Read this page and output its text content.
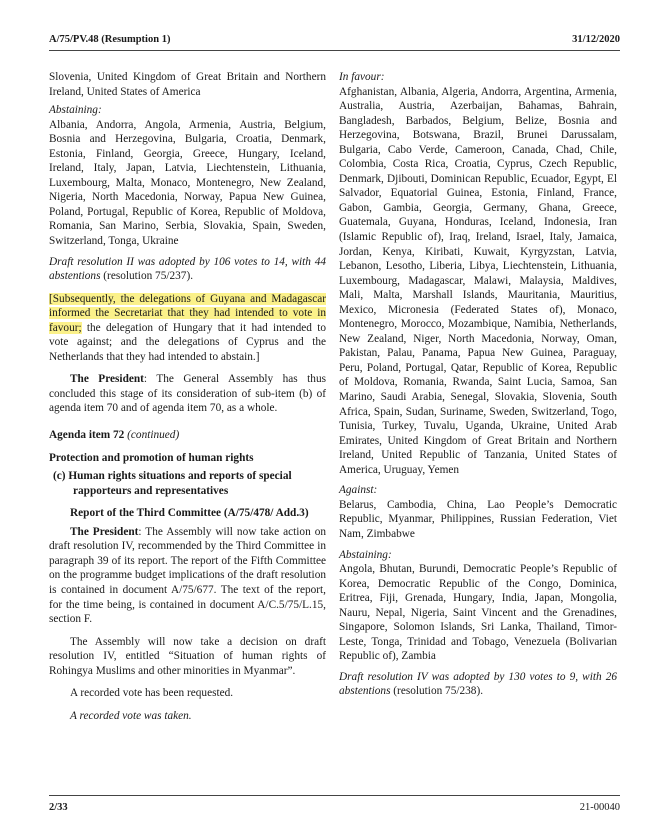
A/75/PV.48 (Resumption 1)	31/12/2020

Slovenia, United Kingdom of Great Britain and Northern Ireland, United States of America

Abstaining:

Albania, Andorra, Angola, Armenia, Austria, Belgium, Bosnia and Herzegovina, Bulgaria, Croatia, Denmark, Estonia, Finland, Georgia, Greece, Hungary, Iceland, Ireland, Italy, Japan, Latvia, Liechtenstein, Lithuania, Luxembourg, Malta, Monaco, Montenegro, New Zealand, Nigeria, North Macedonia, Norway, Papua New Guinea, Poland, Portugal, Republic of Korea, Republic of Moldova, Romania, San Marino, Serbia, Slovakia, Spain, Sweden, Switzerland, Tonga, Ukraine

Draft resolution II was adopted by 106 votes to 14, with 44 abstentions (resolution 75/237).

[Subsequently, the delegations of Guyana and Madagascar informed the Secretariat that they had intended to vote in favour; the delegation of Hungary that it had intended to vote against; and the delegations of Cyprus and the Netherlands that they had intended to abstain.]

The President: The General Assembly has thus concluded this stage of its consideration of sub-item (b) of agenda item 70 and of agenda item 70, as a whole.

Agenda item 72 (continued)

Protection and promotion of human rights

(c) Human rights situations and reports of special rapporteurs and representatives

Report of the Third Committee (A/75/478/ Add.3)

The President: The Assembly will now take action on draft resolution IV, recommended by the Third Committee in paragraph 39 of its report. The report of the Fifth Committee on the programme budget implications of the draft resolution is contained in document A/75/677. The text of the report, for the time being, is contained in document A/C.5/75/L.15, section F.

The Assembly will now take a decision on draft resolution IV, entitled “Situation of human rights of Rohingya Muslims and other minorities in Myanmar”.

A recorded vote has been requested.

A recorded vote was taken.

In favour:

Afghanistan, Albania, Algeria, Andorra, Argentina, Armenia, Australia, Austria, Azerbaijan, Bahamas, Bahrain, Bangladesh, Barbados, Belgium, Belize, Bosnia and Herzegovina, Botswana, Brazil, Brunei Darussalam, Bulgaria, Cabo Verde, Cameroon, Canada, Chad, Chile, Colombia, Costa Rica, Croatia, Cyprus, Czech Republic, Denmark, Djibouti, Dominican Republic, Ecuador, Egypt, El Salvador, Equatorial Guinea, Estonia, Finland, France, Gabon, Gambia, Georgia, Germany, Ghana, Greece, Guatemala, Guyana, Honduras, Iceland, Indonesia, Iran (Islamic Republic of), Iraq, Ireland, Israel, Italy, Jamaica, Jordan, Kenya, Kiribati, Kuwait, Kyrgyzstan, Latvia, Lebanon, Lesotho, Liberia, Libya, Liechtenstein, Lithuania, Luxembourg, Madagascar, Malawi, Malaysia, Maldives, Mali, Malta, Marshall Islands, Mauritania, Mauritius, Mexico, Micronesia (Federated States of), Monaco, Montenegro, Morocco, Mozambique, Namibia, Netherlands, New Zealand, Niger, North Macedonia, Norway, Oman, Pakistan, Palau, Panama, Papua New Guinea, Paraguay, Peru, Poland, Portugal, Qatar, Republic of Korea, Republic of Moldova, Romania, Rwanda, Saint Lucia, Samoa, San Marino, Saudi Arabia, Senegal, Slovakia, Slovenia, South Africa, Spain, Sudan, Suriname, Sweden, Switzerland, Togo, Tunisia, Turkey, Tuvalu, Uganda, Ukraine, United Arab Emirates, United Kingdom of Great Britain and Northern Ireland, United Republic of Tanzania, United States of America, Uruguay, Yemen

Against:

Belarus, Cambodia, China, Lao People’s Democratic Republic, Myanmar, Philippines, Russian Federation, Viet Nam, Zimbabwe

Abstaining:

Angola, Bhutan, Burundi, Democratic People’s Republic of Korea, Democratic Republic of the Congo, Dominica, Eritrea, Fiji, Grenada, Hungary, India, Japan, Mongolia, Nauru, Nepal, Nigeria, Saint Vincent and the Grenadines, Singapore, Solomon Islands, Sri Lanka, Thailand, Timor-Leste, Tonga, Trinidad and Tobago, Venezuela (Bolivarian Republic of), Zambia

Draft resolution IV was adopted by 130 votes to 9, with 26 abstentions (resolution 75/238).

2/33	21-00040
